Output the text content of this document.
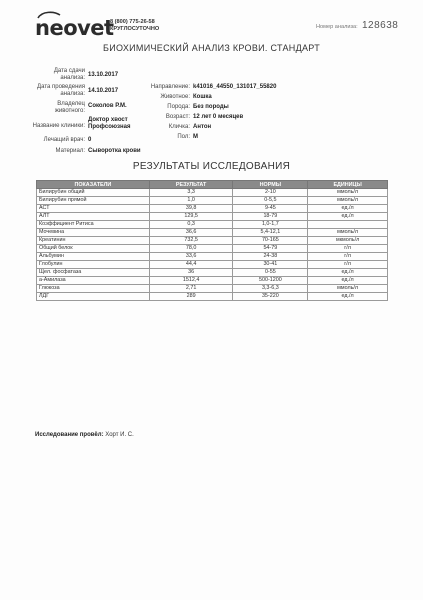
neovet
8 (800) 775-26-58
КРУГЛОСУТОЧНО	Номер анализа: 128638
БИОХИМИЧЕСКИЙ АНАЛИЗ КРОВИ. СТАНДАРТ
Дата сдачи
анализа: 13.10.2017
Дата проведения
анализа: 14.10.2017
Владелец
животного:
Соколов Р.М.
Название клиники:
Доктор хвост
Профсоюзная
Лечащий врач: 0
Материал: Сыворотка крови
Направление: k41016_44550_131017_55820
Животное: Кошка
Порода: Без породы
Возраст: 12 лет 0 месяцев
Кличка: Антон
Пол: М
РЕЗУЛЬТАТЫ ИССЛЕДОВАНИЯ
ПОКАЗАТЕЛИ	РЕЗУЛЬТАТ	НОРМЫ	ЕДИНИЦЫ
Билирубин общий	3,3	2-10	ммоль/л
Билирубин прямой	1,0	0-5,5	ммоль/л
АСТ	39,8	9-45	ед./л
АЛТ	129,5	18-79	ед./л
Коэффициент Ритиса	0,3	1,0-1,7	
Мочевина	36,6	5,4-12,1	ммоль/л
Креатинин	732,5	70-165	мкмоль/л
Общий белок	78,0	54-79	г/л
Альбумин	33,6	24-38	г/л
Глобулин	44,4	30-41	г/л
Щел. фосфатаза	36	0-55	ед./л
а-Амилаза	1512,4	500-1200	ед./л
Глюкоза	2,71	3,3-6,3	ммоль/л
ЛДГ	289	35-220	ед./л
Исследование провёл: Хорт И. С.
